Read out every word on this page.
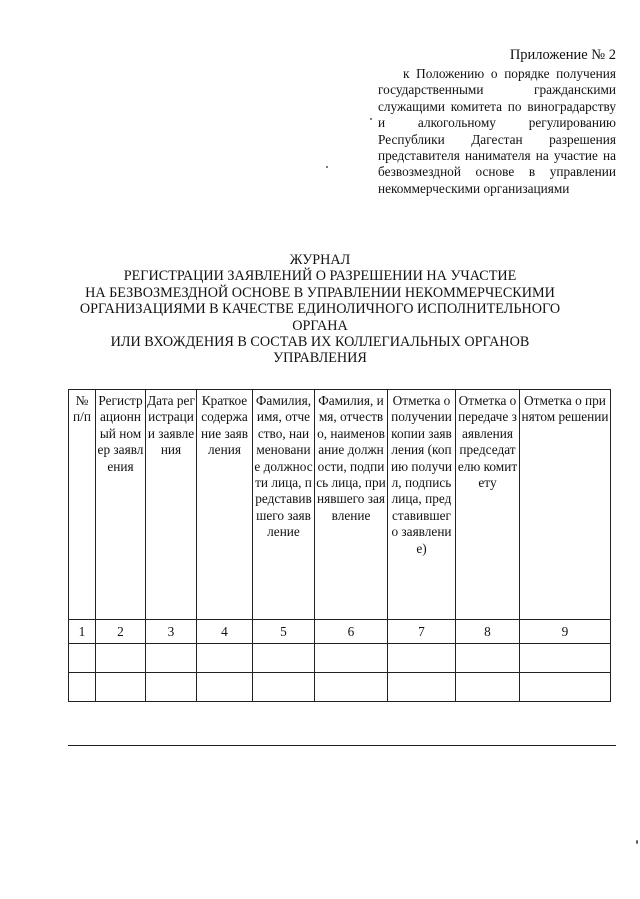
Приложение № 2
к Положению о порядке получения государственными гражданскими служащими комитета по виноградарству и алкогольному регулированию Республики Дагестан разрешения представителя нанимателя на участие на безвозмездной основе в управлении некоммерческими организациями
ЖУРНАЛ
РЕГИСТРАЦИИ ЗАЯВЛЕНИЙ О РАЗРЕШЕНИИ НА УЧАСТИЕ
НА БЕЗВОЗМЕЗДНОЙ ОСНОВЕ В УПРАВЛЕНИИ НЕКОММЕРЧЕСКИМИ
ОРГАНИЗАЦИЯМИ В КАЧЕСТВЕ ЕДИНОЛИЧНОГО ИСПОЛНИТЕЛЬНОГО
ОРГАНА
ИЛИ ВХОЖДЕНИЯ В СОСТАВ ИХ КОЛЛЕГИАЛЬНЫХ ОРГАНОВ
УПРАВЛЕНИЯ
№ п/п	Регистрационный номер заявления	Дата регистрации заявления	Краткое содержание заявления	Фамилия, имя, отчество, наименование должности лица, представившего заявление	Фамилия, имя, отчество, наименование должности, подпись лица, принявшего заявление	Отметка о получении копии заявления (копию получил, подпись лица, представившего заявление)	Отметка о передаче заявления председателю комитету	Отметка о принятом решении
1	2	3	4	5	6	7	8	9
